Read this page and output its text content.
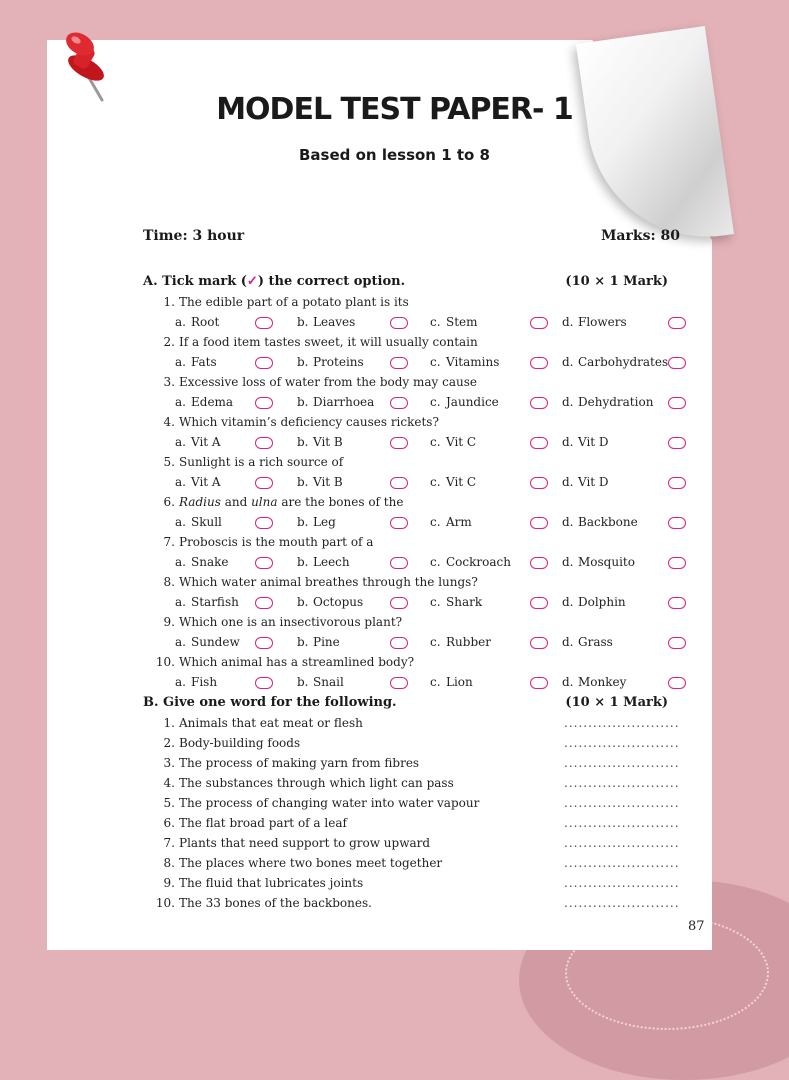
MODEL TEST PAPER- 1
Based on lesson 1 to 8
Time: 3 hour	Marks: 80
A. Tick mark (✓) the correct option.	(10 × 1 Mark)
1. The edible part of a potato plant is its
a. Root	b. Leaves	c. Stem	d. Flowers
2. If a food item tastes sweet, it will usually contain
a. Fats	b. Proteins	c. Vitamins	d. Carbohydrates
3. Excessive loss of water from the body may cause
a. Edema	b. Diarrhoea	c. Jaundice	d. Dehydration
4. Which vitamin’s deficiency causes rickets?
a. Vit A	b. Vit B	c. Vit C	d. Vit D
5. Sunlight is a rich source of
a. Vit A	b. Vit B	c. Vit C	d. Vit D
6. Radius and ulna are the bones of the
a. Skull	b. Leg	c. Arm	d. Backbone
7. Proboscis is the mouth part of a
a. Snake	b. Leech	c. Cockroach	d. Mosquito
8. Which water animal breathes through the lungs?
a. Starfish	b. Octopus	c. Shark	d. Dolphin
9. Which one is an insectivorous plant?
a. Sundew	b. Pine	c. Rubber	d. Grass
10. Which animal has a streamlined body?
a. Fish	b. Snail	c. Lion	d. Monkey
B. Give one word for the following.	(10 × 1 Mark)
1. Animals that eat meat or flesh	........................
2. Body-building foods	........................
3. The process of making yarn from fibres	........................
4. The substances through which light can pass	........................
5. The process of changing water into water vapour	........................
6. The flat broad part of a leaf	........................
7. Plants that need support to grow upward	........................
8. The places where two bones meet together	........................
9. The fluid that lubricates joints	........................
10. The 33 bones of the backbones.	........................
87
